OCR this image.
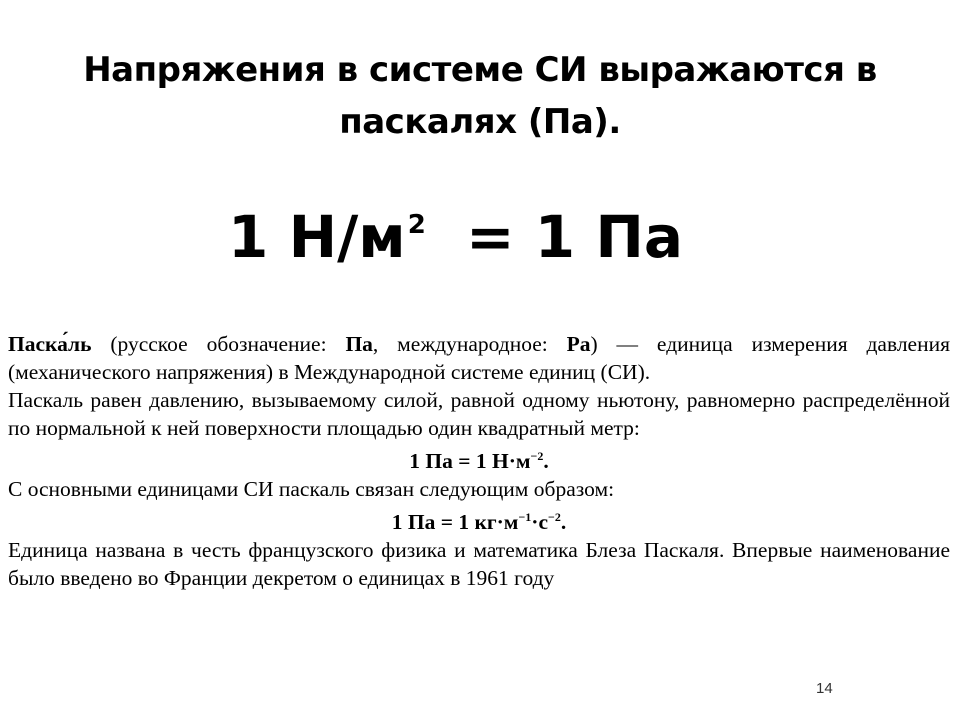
Напряжения в системе СИ выражаются в паскалях (Па).
1 $Н/м^2 = 1$ Па

Паска́ль (русское обозначение: Па, международное: Pa) — единица измерения давления (механического напряжения) в Международной системе единиц (СИ).

Паскаль равен давлению, вызываемому силой, равной одному ньютону, равномерно распределённой по нормальной к ней поверхности площадью один квадратный метр:

1 Па = 1 $Н\cdot м^{-2}$.

С основными единицами СИ паскаль связан следующим образом:

1 Па = 1 $кг\cdot м^{-1}\cdot с^{-2}$.

Единица названа в честь французского физика и математика Блеза Паскаля. Впервые наименование было введено во Франции декретом о единицах в 1961 году

14
